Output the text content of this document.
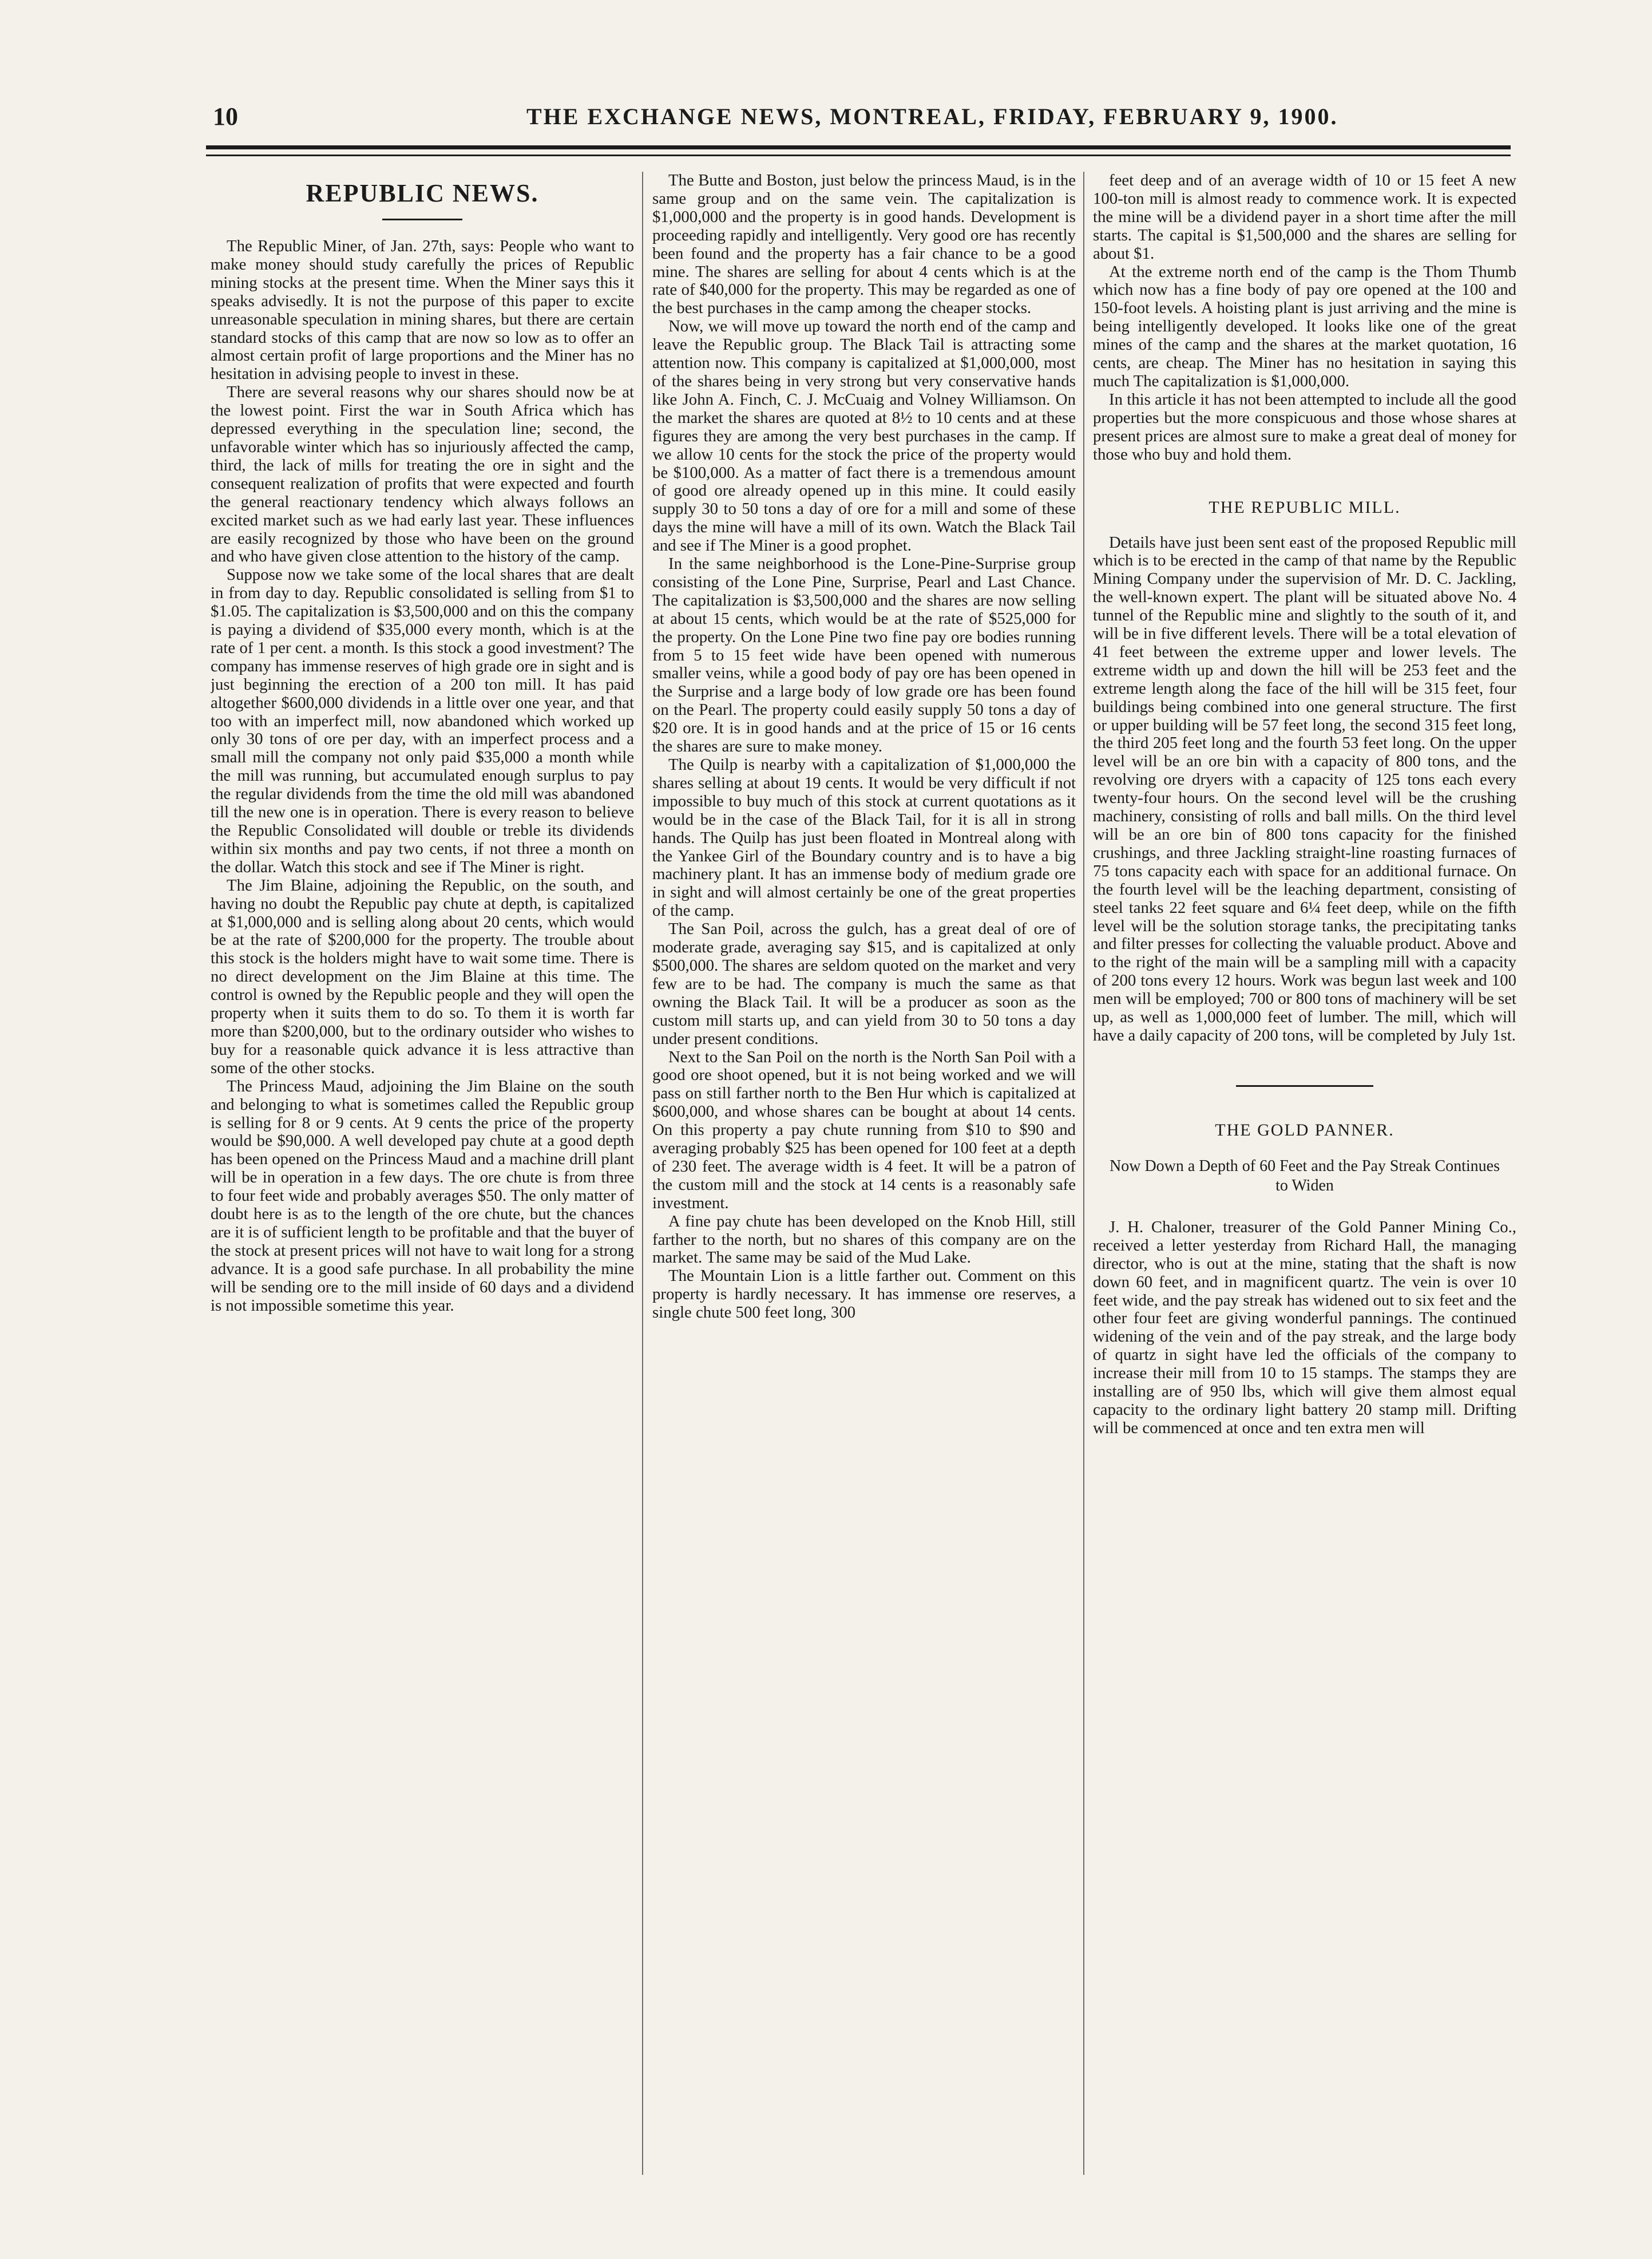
10	THE EXCHANGE NEWS, MONTREAL, FRIDAY, FEBRUARY 9, 1900.
REPUBLIC NEWS.

The Republic Miner, of Jan. 27th, says: People who want to make money should study carefully the prices of Republic mining stocks at the present time. When the Miner says this it speaks advisedly. It is not the purpose of this paper to excite unreasonable speculation in mining shares, but there are certain standard stocks of this camp that are now so low as to offer an almost certain profit of large proportions and the Miner has no hesitation in advising people to invest in these.

There are several reasons why our shares should now be at the lowest point. First the war in South Africa which has depressed everything in the speculation line; second, the unfavorable winter which has so injuriously affected the camp, third, the lack of mills for treating the ore in sight and the consequent realization of profits that were expected and fourth the general reactionary tendency which always follows an excited market such as we had early last year. These influences are easily recognized by those who have been on the ground and who have given close attention to the history of the camp.

Suppose now we take some of the local shares that are dealt in from day to day. Republic consolidated is selling from $1 to $1.05. The capitalization is $3,500,000 and on this the company is paying a dividend of $35,000 every month, which is at the rate of 1 per cent. a month. Is this stock a good investment? The company has immense reserves of high grade ore in sight and is just beginning the erection of a 200 ton mill. It has paid altogether $600,000 dividends in a little over one year, and that too with an imperfect mill, now abandoned which worked up only 30 tons of ore per day, with an imperfect process and a small mill the company not only paid $35,000 a month while the mill was running, but accumulated enough surplus to pay the regular dividends from the time the old mill was abandoned till the new one is in operation. There is every reason to believe the Republic Consolidated will double or treble its dividends within six months and pay two cents, if not three a month on the dollar. Watch this stock and see if The Miner is right.

The Jim Blaine, adjoining the Republic, on the south, and having no doubt the Republic pay chute at depth, is capitalized at $1,000,000 and is selling along about 20 cents, which would be at the rate of $200,000 for the property. The trouble about this stock is the holders might have to wait some time. There is no direct development on the Jim Blaine at this time. The control is owned by the Republic people and they will open the property when it suits them to do so. To them it is worth far more than $200,000, but to the ordinary outsider who wishes to buy for a reasonable quick advance it is less attractive than some of the other stocks.

The Princess Maud, adjoining the Jim Blaine on the south and belonging to what is sometimes called the Republic group is selling for 8 or 9 cents. At 9 cents the price of the property would be $90,000. A well developed pay chute at a good depth has been opened on the Princess Maud and a machine drill plant will be in operation in a few days. The ore chute is from three to four feet wide and probably averages $50. The only matter of doubt here is as to the length of the ore chute, but the chances are it is of sufficient length to be profitable and that the buyer of the stock at present prices will not have to wait long for a strong advance. It is a good safe purchase. In all probability the mine will be sending ore to the mill inside of 60 days and a dividend is not impossible sometime this year.

The Butte and Boston, just below the princess Maud, is in the same group and on the same vein. The capitalization is $1,000,000 and the property is in good hands. Development is proceeding rapidly and intelligently. Very good ore has recently been found and the property has a fair chance to be a good mine. The shares are selling for about 4 cents which is at the rate of $40,000 for the property. This may be regarded as one of the best purchases in the camp among the cheaper stocks.

Now, we will move up toward the north end of the camp and leave the Republic group. The Black Tail is attracting some attention now. This company is capitalized at $1,000,000, most of the shares being in very strong but very conservative hands like John A. Finch, C. J. McCuaig and Volney Williamson. On the market the shares are quoted at 8½ to 10 cents and at these figures they are among the very best purchases in the camp. If we allow 10 cents for the stock the price of the property would be $100,000. As a matter of fact there is a tremendous amount of good ore already opened up in this mine. It could easily supply 30 to 50 tons a day of ore for a mill and some of these days the mine will have a mill of its own. Watch the Black Tail and see if The Miner is a good prophet.

In the same neighborhood is the Lone-Pine-Surprise group consisting of the Lone Pine, Surprise, Pearl and Last Chance. The capitalization is $3,500,000 and the shares are now selling at about 15 cents, which would be at the rate of $525,000 for the property. On the Lone Pine two fine pay ore bodies running from 5 to 15 feet wide have been opened with numerous smaller veins, while a good body of pay ore has been opened in the Surprise and a large body of low grade ore has been found on the Pearl. The property could easily supply 50 tons a day of $20 ore. It is in good hands and at the price of 15 or 16 cents the shares are sure to make money.

The Quilp is nearby with a capitalization of $1,000,000 the shares selling at about 19 cents. It would be very difficult if not impossible to buy much of this stock at current quotations as it would be in the case of the Black Tail, for it is all in strong hands. The Quilp has just been floated in Montreal along with the Yankee Girl of the Boundary country and is to have a big machinery plant. It has an immense body of medium grade ore in sight and will almost certainly be one of the great properties of the camp.

The San Poil, across the gulch, has a great deal of ore of moderate grade, averaging say $15, and is capitalized at only $500,000. The shares are seldom quoted on the market and very few are to be had. The company is much the same as that owning the Black Tail. It will be a producer as soon as the custom mill starts up, and can yield from 30 to 50 tons a day under present conditions.

Next to the San Poil on the north is the North San Poil with a good ore shoot opened, but it is not being worked and we will pass on still farther north to the Ben Hur which is capitalized at $600,000, and whose shares can be bought at about 14 cents. On this property a pay chute running from $10 to $90 and averaging probably $25 has been opened for 100 feet at a depth of 230 feet. The average width is 4 feet. It will be a patron of the custom mill and the stock at 14 cents is a reasonably safe investment.

A fine pay chute has been developed on the Knob Hill, still farther to the north, but no shares of this company are on the market. The same may be said of the Mud Lake.

The Mountain Lion is a little farther out. Comment on this property is hardly necessary. It has immense ore reserves, a single chute 500 feet long, 300

feet deep and of an average width of 10 or 15 feet A new 100-ton mill is almost ready to commence work. It is expected the mine will be a dividend payer in a short time after the mill starts. The capital is $1,500,000 and the shares are selling for about $1.

At the extreme north end of the camp is the Thom Thumb which now has a fine body of pay ore opened at the 100 and 150-foot levels. A hoisting plant is just arriving and the mine is being intelligently developed. It looks like one of the great mines of the camp and the shares at the market quotation, 16 cents, are cheap. The Miner has no hesitation in saying this much The capitalization is $1,000,000.

In this article it has not been attempted to include all the good properties but the more conspicuous and those whose shares at present prices are almost sure to make a great deal of money for those who buy and hold them.

THE REPUBLIC MILL.

Details have just been sent east of the proposed Republic mill which is to be erected in the camp of that name by the Republic Mining Company under the supervision of Mr. D. C. Jackling, the well-known expert. The plant will be situated above No. 4 tunnel of the Republic mine and slightly to the south of it, and will be in five different levels. There will be a total elevation of 41 feet between the extreme upper and lower levels. The extreme width up and down the hill will be 253 feet and the extreme length along the face of the hill will be 315 feet, four buildings being combined into one general structure. The first or upper building will be 57 feet long, the second 315 feet long, the third 205 feet long and the fourth 53 feet long. On the upper level will be an ore bin with a capacity of 800 tons, and the revolving ore dryers with a capacity of 125 tons each every twenty-four hours. On the second level will be the crushing machinery, consisting of rolls and ball mills. On the third level will be an ore bin of 800 tons capacity for the finished crushings, and three Jackling straight-line roasting furnaces of 75 tons capacity each with space for an additional furnace. On the fourth level will be the leaching department, consisting of steel tanks 22 feet square and 6¼ feet deep, while on the fifth level will be the solution storage tanks, the precipitating tanks and filter presses for collecting the valuable product. Above and to the right of the main will be a sampling mill with a capacity of 200 tons every 12 hours. Work was begun last week and 100 men will be employed; 700 or 800 tons of machinery will be set up, as well as 1,000,000 feet of lumber. The mill, which will have a daily capacity of 200 tons, will be completed by July 1st.

THE GOLD PANNER.
Now Down a Depth of 60 Feet and the Pay Streak Continues to Widen

J. H. Chaloner, treasurer of the Gold Panner Mining Co., received a letter yesterday from Richard Hall, the managing director, who is out at the mine, stating that the shaft is now down 60 feet, and in magnificent quartz. The vein is over 10 feet wide, and the pay streak has widened out to six feet and the other four feet are giving wonderful pannings. The continued widening of the vein and of the pay streak, and the large body of quartz in sight have led the officials of the company to increase their mill from 10 to 15 stamps. The stamps they are installing are of 950 lbs, which will give them almost equal capacity to the ordinary light battery 20 stamp mill. Drifting will be commenced at once and ten extra men will
